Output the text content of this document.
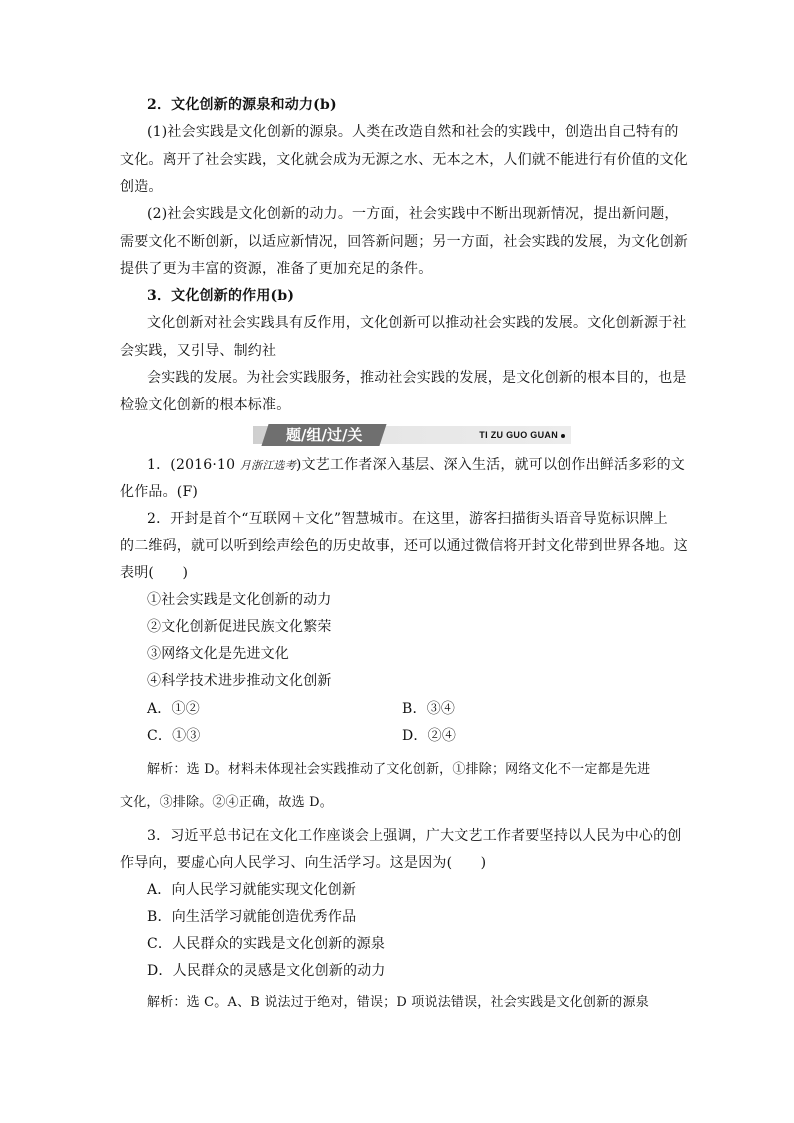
2．文化创新的源泉和动力(b)
(1)社会实践是文化创新的源泉。人类在改造自然和社会的实践中，创造出自己特有的
文化。离开了社会实践，文化就会成为无源之水、无本之木，人们就不能进行有价值的文化
创造。
(2)社会实践是文化创新的动力。一方面，社会实践中不断出现新情况，提出新问题，
需要文化不断创新，以适应新情况，回答新问题；另一方面，社会实践的发展，为文化创新
提供了更为丰富的资源，准备了更加充足的条件。
3．文化创新的作用(b)
文化创新对社会实践具有反作用，文化创新可以推动社会实践的发展。文化创新源于社
会实践，又引导、制约社
会实践的发展。为社会实践服务，推动社会实践的发展，是文化创新的根本目的，也是
检验文化创新的根本标准。
题/组/过/关	TI ZU GUO GUAN
1．(2016·10 月浙江选考)文艺工作者深入基层、深入生活，就可以创作出鲜活多彩的文
化作品。(F)
2．开封是首个“互联网＋文化”智慧城市。在这里，游客扫描街头语音导览标识牌上
的二维码，就可以听到绘声绘色的历史故事，还可以通过微信将开封文化带到世界各地。这
表明(　　)
①社会实践是文化创新的动力
②文化创新促进民族文化繁荣
③网络文化是先进文化
④科学技术进步推动文化创新
A．①②	B．③④
C．①③	D．②④
解析：选 D。材料未体现社会实践推动了文化创新，①排除；网络文化不一定都是先进
文化，③排除。②④正确，故选 D。
3．习近平总书记在文化工作座谈会上强调，广大文艺工作者要坚持以人民为中心的创
作导向，要虚心向人民学习、向生活学习。这是因为(　　)
A．向人民学习就能实现文化创新
B．向生活学习就能创造优秀作品
C．人民群众的实践是文化创新的源泉
D．人民群众的灵感是文化创新的动力
解析：选 C。A、B 说法过于绝对，错误；D 项说法错误，社会实践是文化创新的源泉
